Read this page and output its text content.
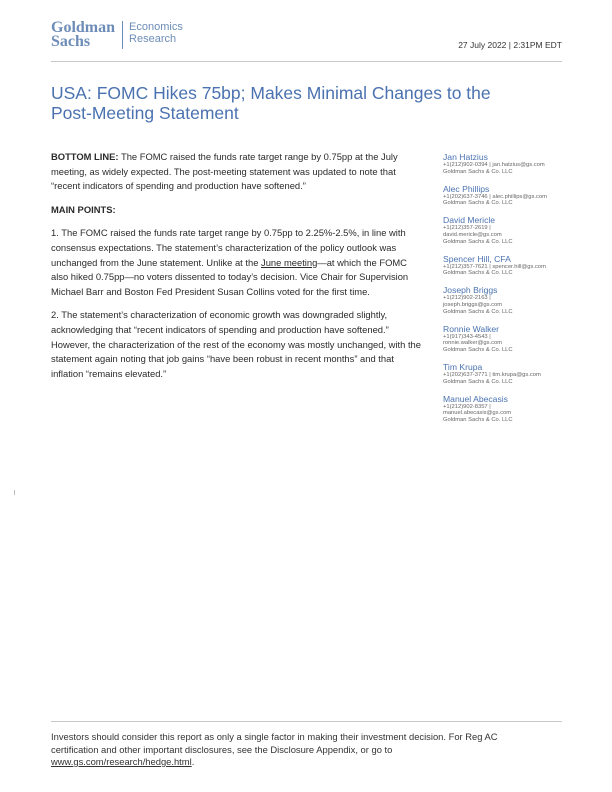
Goldman
Sachs
Economics
Research	27 July 2022 | 2:31PM EDT
USA: FOMC Hikes 75bp; Makes Minimal Changes to the Post-Meeting Statement

BOTTOM LINE: The FOMC raised the funds rate target range by 0.75pp at the July meeting, as widely expected. The post-meeting statement was updated to note that “recent indicators of spending and production have softened.”

MAIN POINTS:

1. The FOMC raised the funds rate target range by 0.75pp to 2.25%-2.5%, in line with consensus expectations. The statement’s characterization of the policy outlook was unchanged from the June statement. Unlike at the June meeting—at which the FOMC also hiked 0.75pp—no voters dissented to today’s decision. Vice Chair for Supervision Michael Barr and Boston Fed President Susan Collins voted for the first time.

2. The statement’s characterization of economic growth was downgraded slightly, acknowledging that “recent indicators of spending and production have softened.” However, the characterization of the rest of the economy was mostly unchanged, with the statement again noting that job gains “have been robust in recent months” and that inflation “remains elevated.”

Jan Hatzius
+1(212)902-0394 | jan.hatzius@gs.com
Goldman Sachs & Co. LLC
Alec Phillips
+1(202)637-3746 | alec.phillips@gs.com
Goldman Sachs & Co. LLC
David Mericle
+1(212)357-2619 |
david.mericle@gs.com
Goldman Sachs & Co. LLC
Spencer Hill, CFA
+1(212)357-7621 | spencer.hill@gs.com
Goldman Sachs & Co. LLC
Joseph Briggs
+1(212)902-2163 |
joseph.briggs@gs.com
Goldman Sachs & Co. LLC
Ronnie Walker
+1(917)343-4543 |
ronnie.walker@gs.com
Goldman Sachs & Co. LLC
Tim Krupa
+1(202)637-3771 | tim.krupa@gs.com
Goldman Sachs & Co. LLC
Manuel Abecasis
+1(212)902-8357 |
manuel.abecasis@gs.com
Goldman Sachs & Co. LLC
Investors should consider this report as only a single factor in making their investment decision. For Reg AC certification and other important disclosures, see the Disclosure Appendix, or go to www.gs.com/research/hedge.html.
